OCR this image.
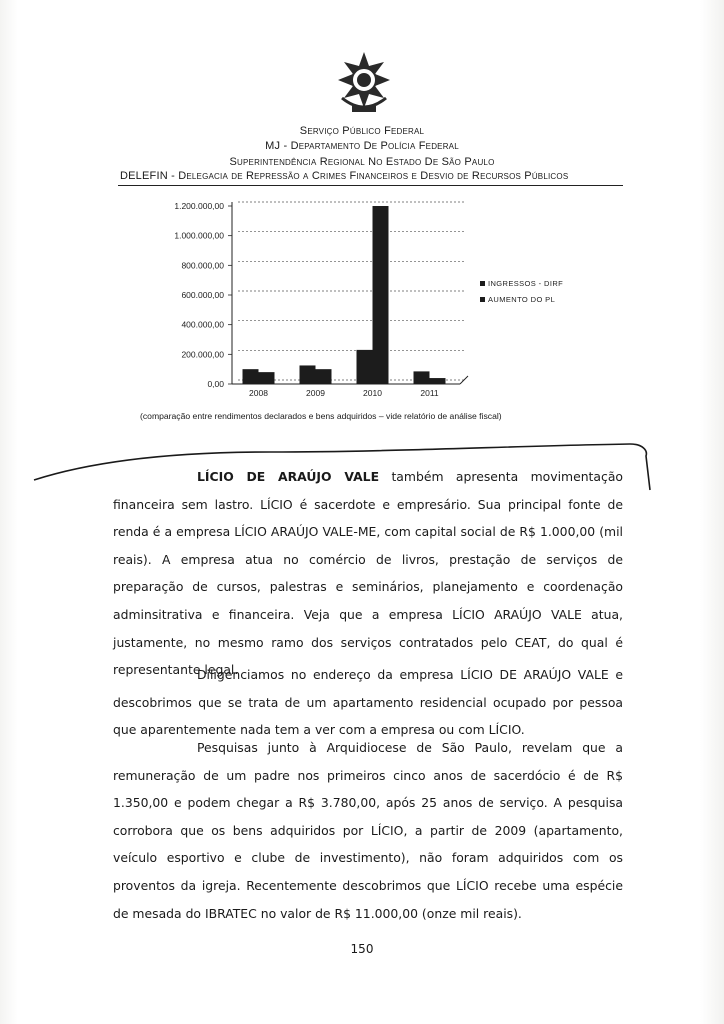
Serviço Público Federal
MJ - Departamento De Polícia Federal
Superintendência Regional No Estado De São Paulo
DELEFIN - Delegacia de Repressão a Crimes Financeiros e Desvio de Recursos Públicos
1.200.000,00
1.000.000,00
800.000,00
600.000,00
400.000,00
200.000,00
0,00
2008	2009	2010	2011
INGRESSOS - DIRF
AUMENTO DO PL
(comparação entre rendimentos declarados e bens adquiridos – vide relatório de análise fiscal)
LÍCIO DE ARAÚJO VALE também apresenta movimentação financeira sem lastro. LÍCIO é sacerdote e empresário. Sua principal fonte de renda é a empresa LÍCIO ARAÚJO VALE-ME, com capital social de R$ 1.000,00 (mil reais). A empresa atua no comércio de livros, prestação de serviços de preparação de cursos, palestras e seminários, planejamento e coordenação adminsitrativa e financeira. Veja que a empresa LÍCIO ARAÚJO VALE atua, justamente, no mesmo ramo dos serviços contratados pelo CEAT, do qual é representante legal.
Diligenciamos no endereço da empresa LÍCIO DE ARAÚJO VALE e descobrimos que se trata de um apartamento residencial ocupado por pessoa que aparentemente nada tem a ver com a empresa ou com LÍCIO.
Pesquisas junto à Arquidiocese de São Paulo, revelam que a remuneração de um padre nos primeiros cinco anos de sacerdócio é de R$ 1.350,00 e podem chegar a R$ 3.780,00, após 25 anos de serviço. A pesquisa corrobora que os bens adquiridos por LÍCIO, a partir de 2009 (apartamento, veículo esportivo e clube de investimento), não foram adquiridos com os proventos da igreja. Recentemente descobrimos que LÍCIO recebe uma espécie de mesada do IBRATEC no valor de R$ 11.000,00 (onze mil reais).
150
